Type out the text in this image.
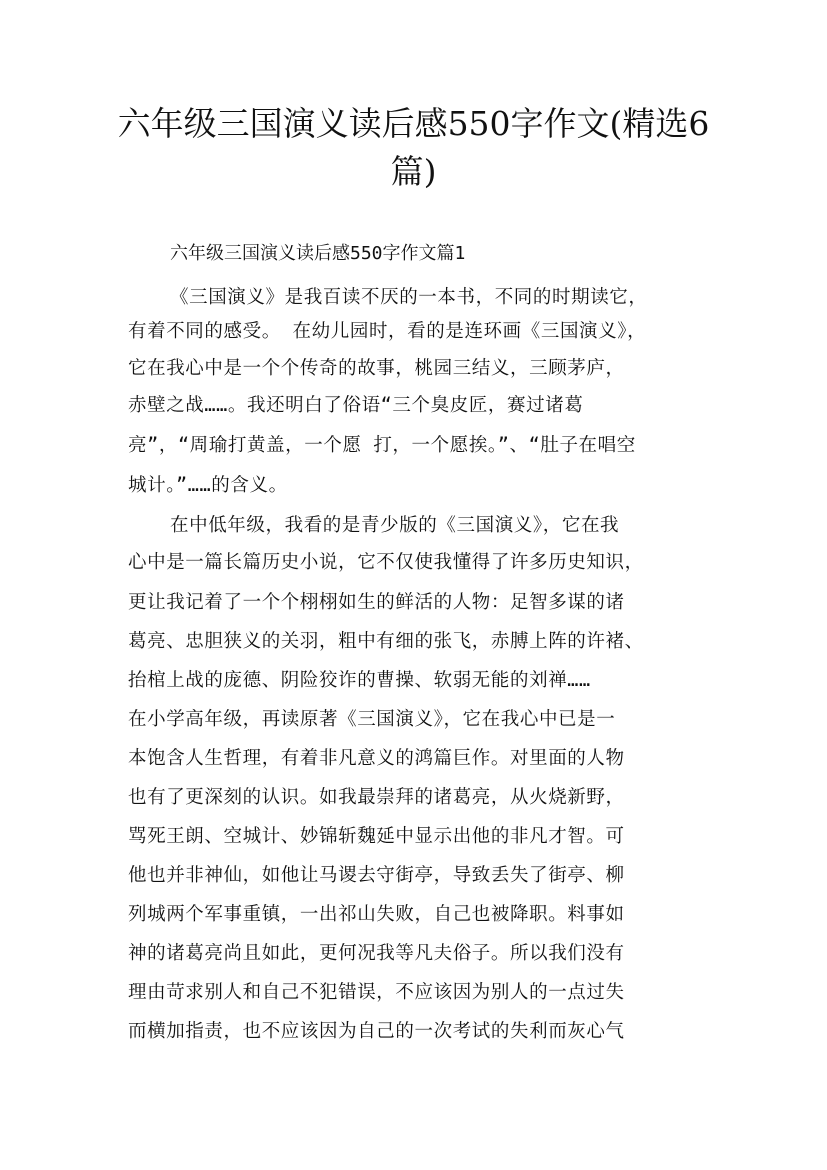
六年级三国演义读后感550字作文(精选6
篇)
六年级三国演义读后感550字作文篇1
《三国演义》是我百读不厌的一本书，不同的时期读它，
有着不同的感受。 在幼儿园时，看的是连环画《三国演义》，
它在我心中是一个个传奇的故事，桃园三结义，三顾茅庐，
赤壁之战……。我还明白了俗语“三个臭皮匠，赛过诸葛
亮”，“周瑜打黄盖，一个愿 打，一个愿挨。”、“肚子在唱空
城计。”……的含义。
在中低年级，我看的是青少版的《三国演义》，它在我
心中是一篇长篇历史小说，它不仅使我懂得了许多历史知识，
更让我记着了一个个栩栩如生的鲜活的人物：足智多谋的诸
葛亮、忠胆狭义的关羽，粗中有细的张飞，赤膊上阵的许褚、
抬棺上战的庞德、阴险狡诈的曹操、软弱无能的刘禅……
在小学高年级，再读原著《三国演义》，它在我心中已是一
本饱含人生哲理，有着非凡意义的鸿篇巨作。对里面的人物
也有了更深刻的认识。如我最崇拜的诸葛亮，从火烧新野，
骂死王朗、空城计、妙锦斩魏延中显示出他的非凡才智。可
他也并非神仙，如他让马谡去守街亭，导致丢失了街亭、柳
列城两个军事重镇，一出祁山失败，自己也被降职。料事如
神的诸葛亮尚且如此，更何况我等凡夫俗子。所以我们没有
理由苛求别人和自己不犯错误，不应该因为别人的一点过失
而横加指责，也不应该因为自己的一次考试的失利而灰心气
